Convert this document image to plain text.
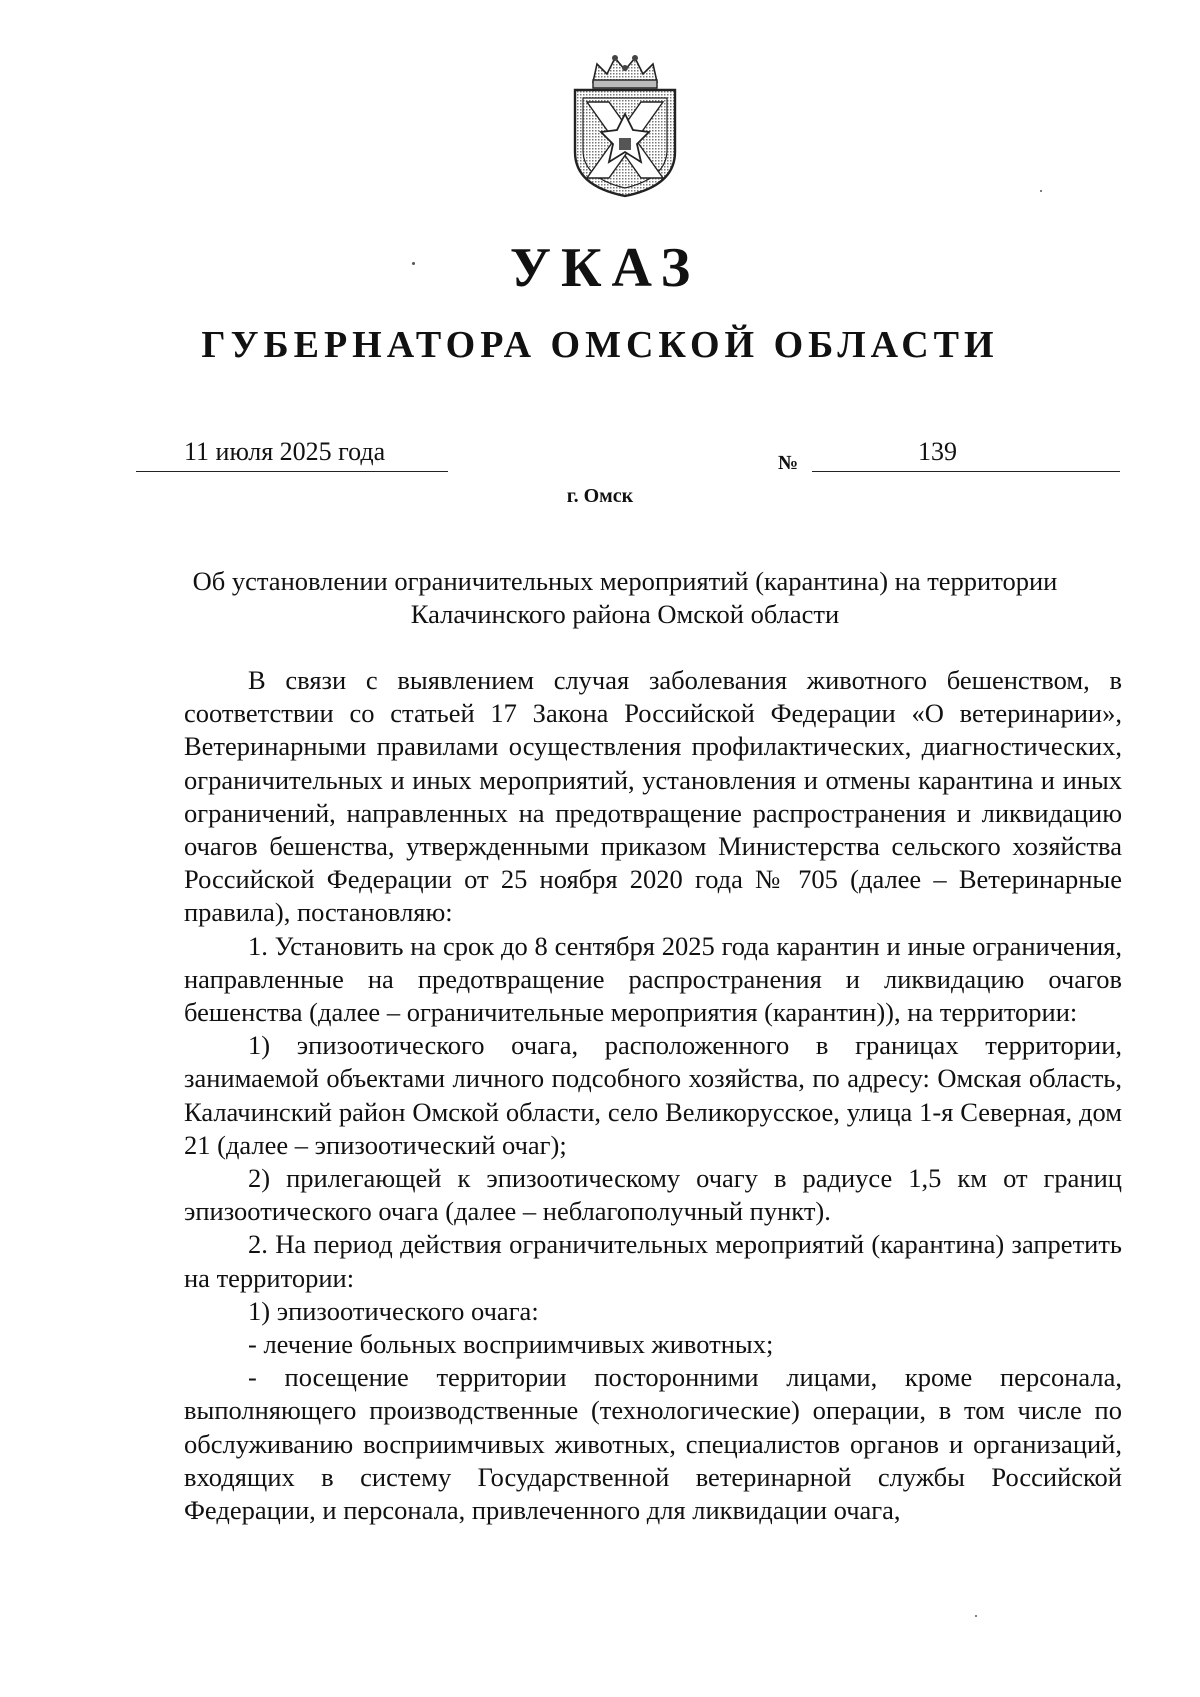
УКАЗ
ГУБЕРНАТОРА ОМСКОЙ ОБЛАСТИ
11 июля 2025 года	№	139
г. Омск
Об установлении ограничительных мероприятий (карантина) на территории Калачинского района Омской области

В связи с выявлением случая заболевания животного бешенством, в соответствии со статьей 17 Закона Российской Федерации «О ветеринарии», Ветеринарными правилами осуществления профилактических, диагностических, ограничительных и иных мероприятий, установления и отмены карантина и иных ограничений, направленных на предотвращение распространения и ликвидацию очагов бешенства, утвержденными приказом Министерства сельского хозяйства Российской Федерации от 25 ноября 2020 года № 705 (далее – Ветеринарные правила), постановляю:

1. Установить на срок до 8 сентября 2025 года карантин и иные ограничения, направленные на предотвращение распространения и ликвидацию очагов бешенства (далее – ограничительные мероприятия (карантин)), на территории:

1) эпизоотического очага, расположенного в границах территории, занимаемой объектами личного подсобного хозяйства, по адресу: Омская область, Калачинский район Омской области, село Великорусское, улица 1-я Северная, дом 21 (далее – эпизоотический очаг);

2) прилегающей к эпизоотическому очагу в радиусе 1,5 км от границ эпизоотического очага (далее – неблагополучный пункт).

2. На период действия ограничительных мероприятий (карантина) запретить на территории:

1) эпизоотического очага:

- лечение больных восприимчивых животных;

- посещение территории посторонними лицами, кроме персонала, выполняющего производственные (технологические) операции, в том числе по обслуживанию восприимчивых животных, специалистов органов и организаций, входящих в систему Государственной ветеринарной службы Российской Федерации, и персонала, привлеченного для ликвидации очага,
